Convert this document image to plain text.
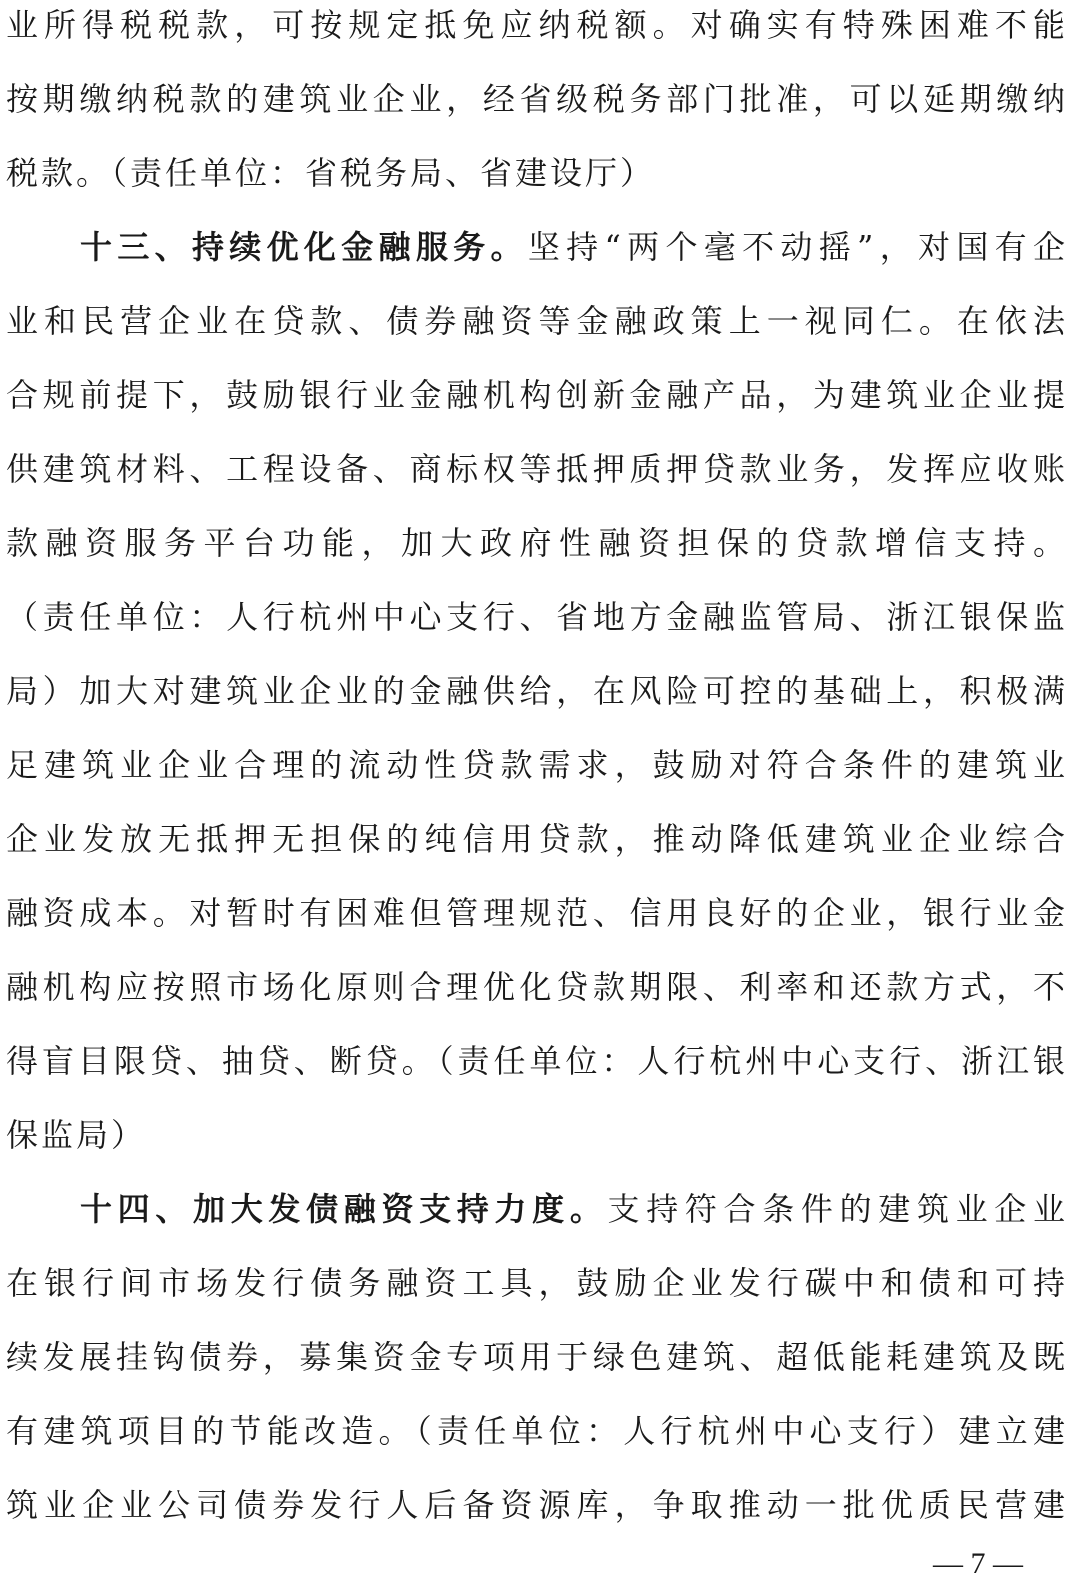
业所得税税款，可按规定抵免应纳税额。对确实有特殊困难不能
按期缴纳税款的建筑业企业，经省级税务部门批准，可以延期缴纳
税款。（责任单位：省税务局、省建设厅）
十三、持续优化金融服务。坚持“两个毫不动摇”，对国有企
业和民营企业在贷款、债券融资等金融政策上一视同仁。在依法
合规前提下，鼓励银行业金融机构创新金融产品，为建筑业企业提
供建筑材料、工程设备、商标权等抵押质押贷款业务，发挥应收账
款融资服务平台功能，加大政府性融资担保的贷款增信支持。
（责任单位：人行杭州中心支行、省地方金融监管局、浙江银保监
局）加大对建筑业企业的金融供给，在风险可控的基础上，积极满
足建筑业企业合理的流动性贷款需求，鼓励对符合条件的建筑业
企业发放无抵押无担保的纯信用贷款，推动降低建筑业企业综合
融资成本。对暂时有困难但管理规范、信用良好的企业，银行业金
融机构应按照市场化原则合理优化贷款期限、利率和还款方式，不
得盲目限贷、抽贷、断贷。（责任单位：人行杭州中心支行、浙江银
保监局）
十四、加大发债融资支持力度。支持符合条件的建筑业企业
在银行间市场发行债务融资工具，鼓励企业发行碳中和债和可持
续发展挂钩债券，募集资金专项用于绿色建筑、超低能耗建筑及既
有建筑项目的节能改造。（责任单位：人行杭州中心支行）建立建
筑业企业公司债券发行人后备资源库，争取推动一批优质民营建
— 7 —
